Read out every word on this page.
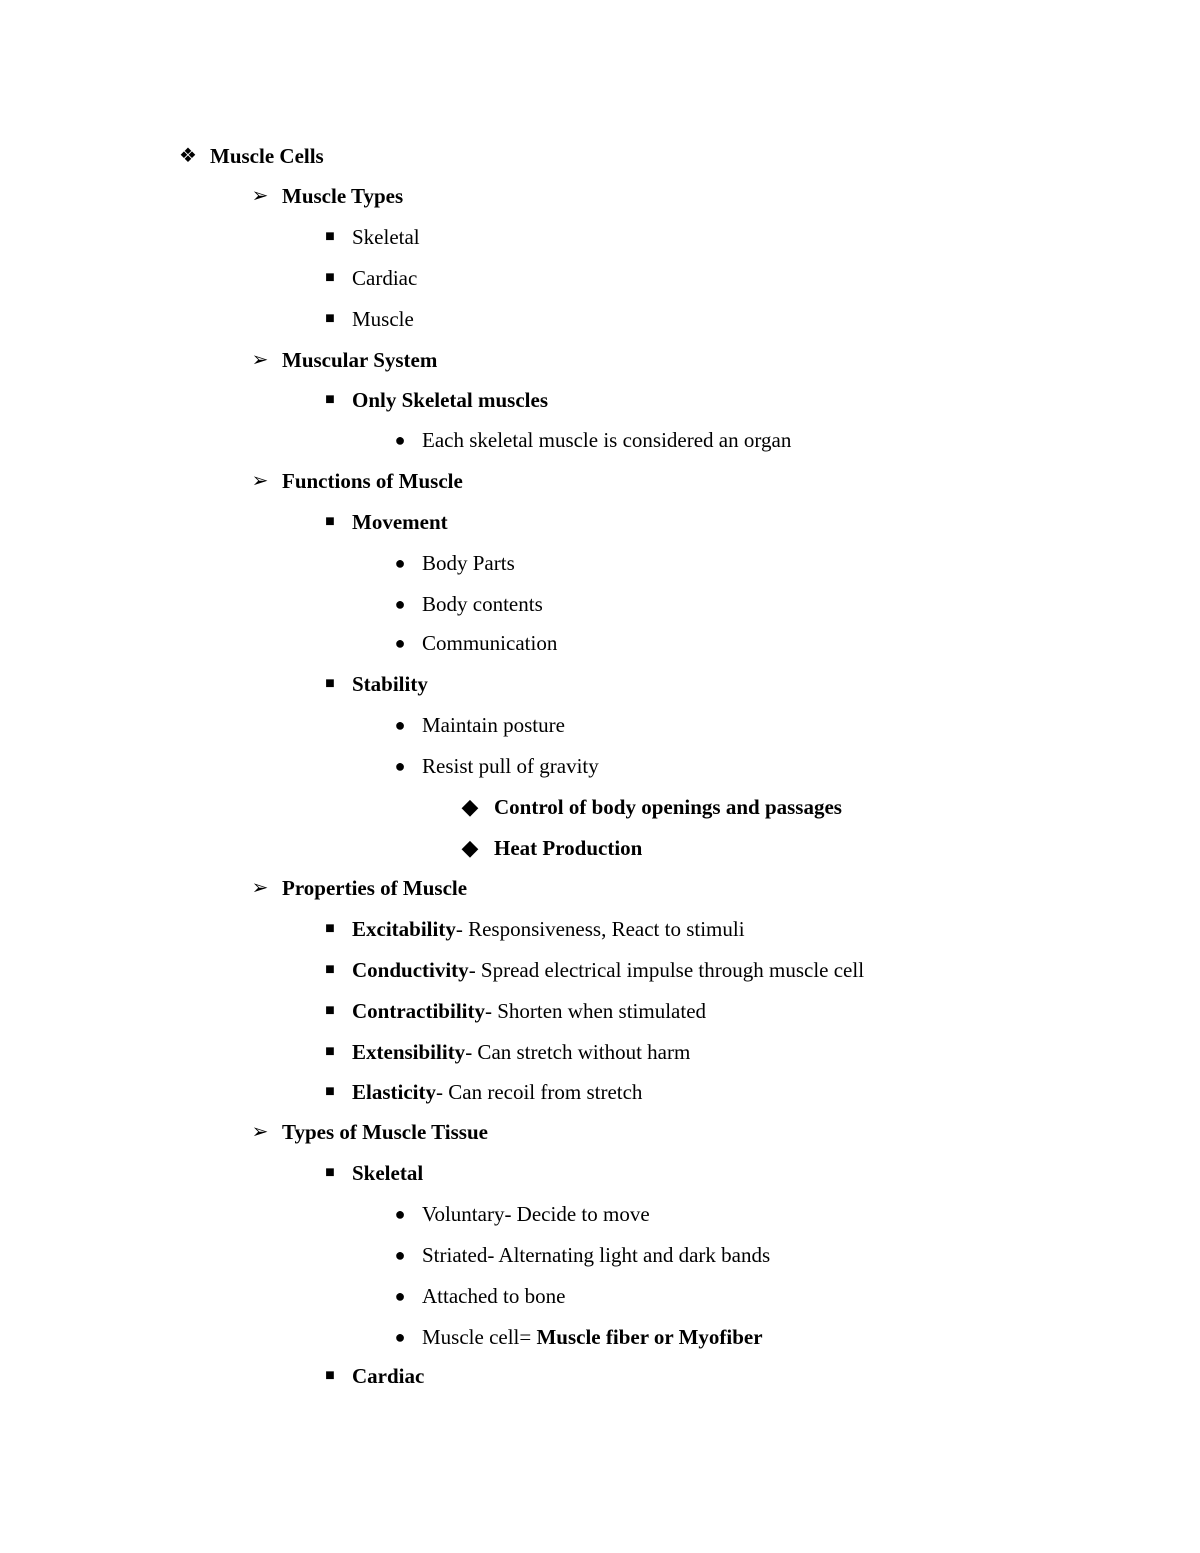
❖ Muscle Cells
➢ Muscle Types
■ Skeletal
■ Cardiac
■ Muscle
➢ Muscular System
■ Only Skeletal muscles
● Each skeletal muscle is considered an organ
➢ Functions of Muscle
■ Movement
● Body Parts
● Body contents
● Communication
■ Stability
● Maintain posture
● Resist pull of gravity
◆ Control of body openings and passages
◆ Heat Production
➢ Properties of Muscle
■ Excitability- Responsiveness, React to stimuli
■ Conductivity- Spread electrical impulse through muscle cell
■ Contractibility- Shorten when stimulated
■ Extensibility- Can stretch without harm
■ Elasticity- Can recoil from stretch
➢ Types of Muscle Tissue
■ Skeletal
● Voluntary- Decide to move
● Striated- Alternating light and dark bands
● Attached to bone
● Muscle cell= Muscle fiber or Myofiber
■ Cardiac
